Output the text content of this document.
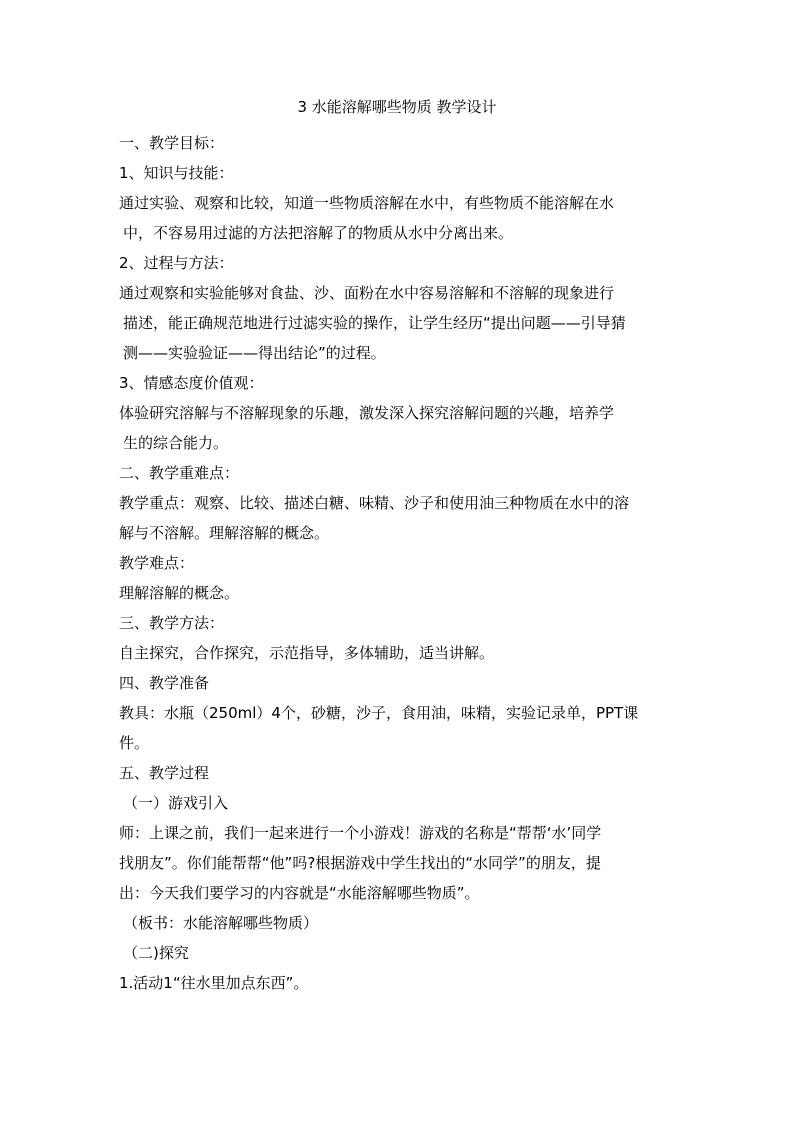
3 水能溶解哪些物质 教学设计
一、教学目标：
1、知识与技能：
通过实验、观察和比较，知道一些物质溶解在水中，有些物质不能溶解在水
中，不容易用过滤的方法把溶解了的物质从水中分离出来。
2、过程与方法：
通过观察和实验能够对食盐、沙、面粉在水中容易溶解和不溶解的现象进行
描述，能正确规范地进行过滤实验的操作，让学生经历“提出问题——引导猜
测——实验验证——得出结论”的过程。
3、情感态度价值观：
体验研究溶解与不溶解现象的乐趣，激发深入探究溶解问题的兴趣，培养学
生的综合能力。
二、教学重难点：
教学重点：观察、比较、描述白糖、味精、沙子和使用油三种物质在水中的溶
解与不溶解。理解溶解的概念。
教学难点：
理解溶解的概念。
三、教学方法：
自主探究，合作探究，示范指导，多体辅助，适当讲解。
四、教学准备
教具：水瓶（250ml）4个，砂糖，沙子，食用油，味精，实验记录单，PPT课
件。
五、教学过程
（一）游戏引入
师：上课之前，我们一起来进行一个小游戏！游戏的名称是“帮帮‘水’同学
找朋友”。你们能帮帮“他”吗?根据游戏中学生找出的“水同学”的朋友，提
出：今天我们要学习的内容就是“水能溶解哪些物质”。
（板书：水能溶解哪些物质）
（二)探究
1.活动1“往水里加点东西”。
